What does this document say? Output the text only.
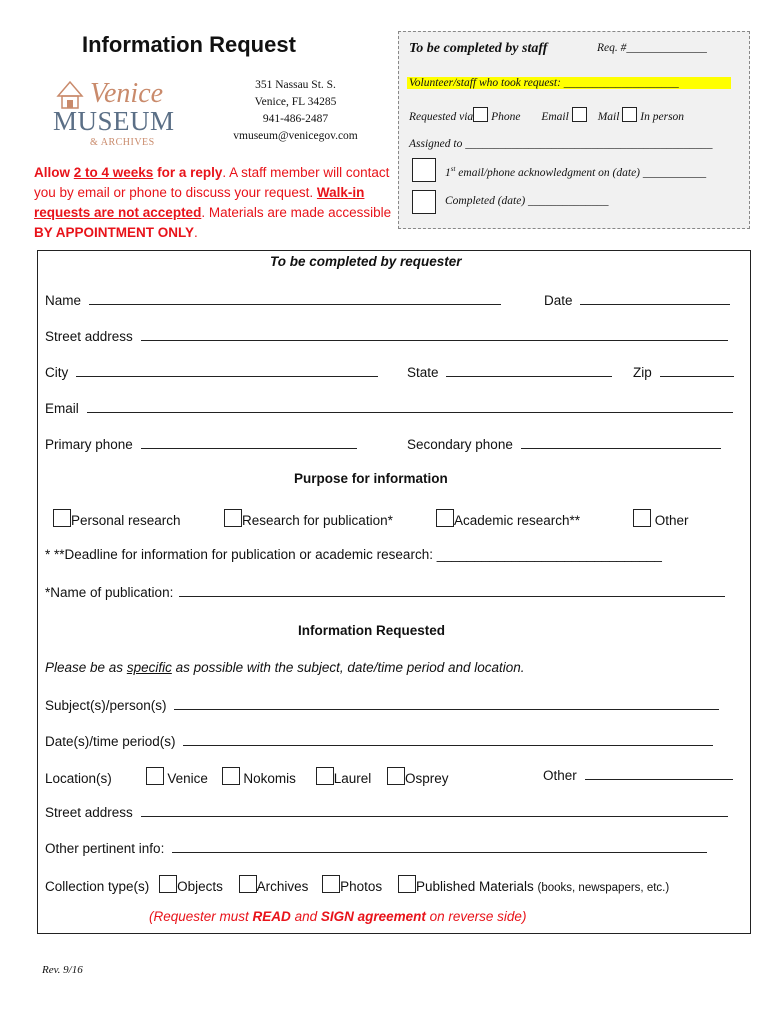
Information Request
Venice
MUSEUM
& ARCHIVES
351 Nassau St. S.
Venice, FL 34285
941-486-2487
vmuseum@venicegov.com
Allow 2 to 4 weeks for a reply. A staff member will contact you by email or phone to discuss your request. Walk-in requests are not accepted. Materials are made accessible BY APPOINTMENT ONLY.
To be completed by staff	Req. #______________
Volunteer/staff who took request: ____________________
Requested via Phone Email	Mail In person
Assigned to ___________________________________________
1st email/phone acknowledgment on (date) ___________
Completed (date) ______________
To be completed by requester
Name	Date
Street address
City	State	Zip
Email
Primary phone	Secondary phone
Purpose for information
Personal research	Research for publication*	Academic research**	Other
* **Deadline for information for publication or academic research: ______________________________
*Name of publication:
Information Requested
Please be as specific as possible with the subject, date/time period and location.
Subject(s)/person(s)
Date(s)/time period(s)
Location(s)	Venice	Nokomis	Laurel	Osprey	Other
Street address
Other pertinent info:
Collection type(s) Objects	Archives Photos	Published Materials (books, newspapers, etc.)
(Requester must READ and SIGN agreement on reverse side)
Rev. 9/16
